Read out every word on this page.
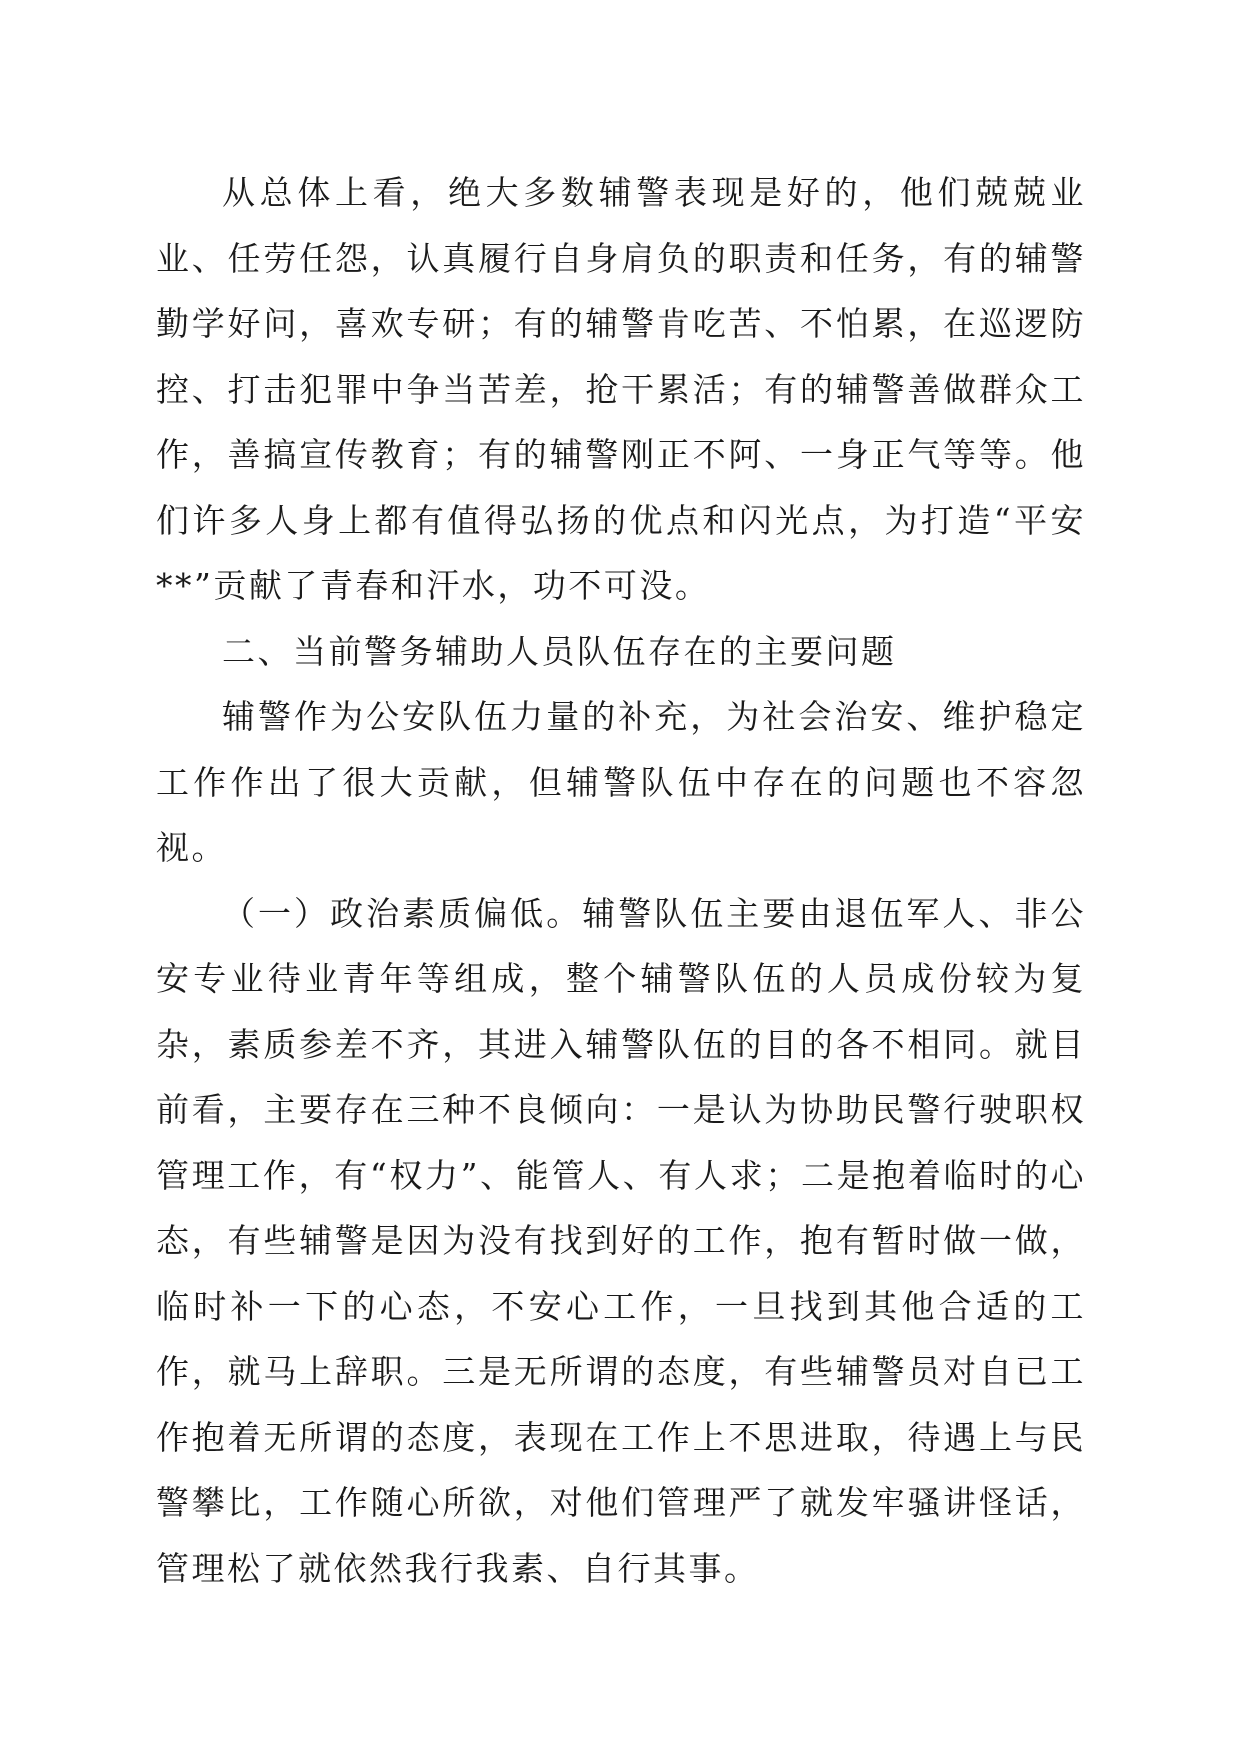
从总体上看，绝大多数辅警表现是好的，他们兢兢业业、任劳任怨，认真履行自身肩负的职责和任务，有的辅警勤学好问，喜欢专研；有的辅警肯吃苦、不怕累，在巡逻防控、打击犯罪中争当苦差，抢干累活；有的辅警善做群众工作，善搞宣传教育；有的辅警刚正不阿、一身正气等等。他们许多人身上都有值得弘扬的优点和闪光点，为打造“平安**”贡献了青春和汗水，功不可没。

二、当前警务辅助人员队伍存在的主要问题

辅警作为公安队伍力量的补充，为社会治安、维护稳定工作作出了很大贡献，但辅警队伍中存在的问题也不容忽视。

（一）政治素质偏低。辅警队伍主要由退伍军人、非公安专业待业青年等组成，整个辅警队伍的人员成份较为复杂，素质参差不齐，其进入辅警队伍的目的各不相同。就目前看，主要存在三种不良倾向：一是认为协助民警行驶职权管理工作，有“权力”、能管人、有人求；二是抱着临时的心态，有些辅警是因为没有找到好的工作，抱有暂时做一做，临时补一下的心态，不安心工作，一旦找到其他合适的工作，就马上辞职。三是无所谓的态度，有些辅警员对自已工作抱着无所谓的态度，表现在工作上不思进取，待遇上与民警攀比，工作随心所欲，对他们管理严了就发牢骚讲怪话，管理松了就依然我行我素、自行其事。
